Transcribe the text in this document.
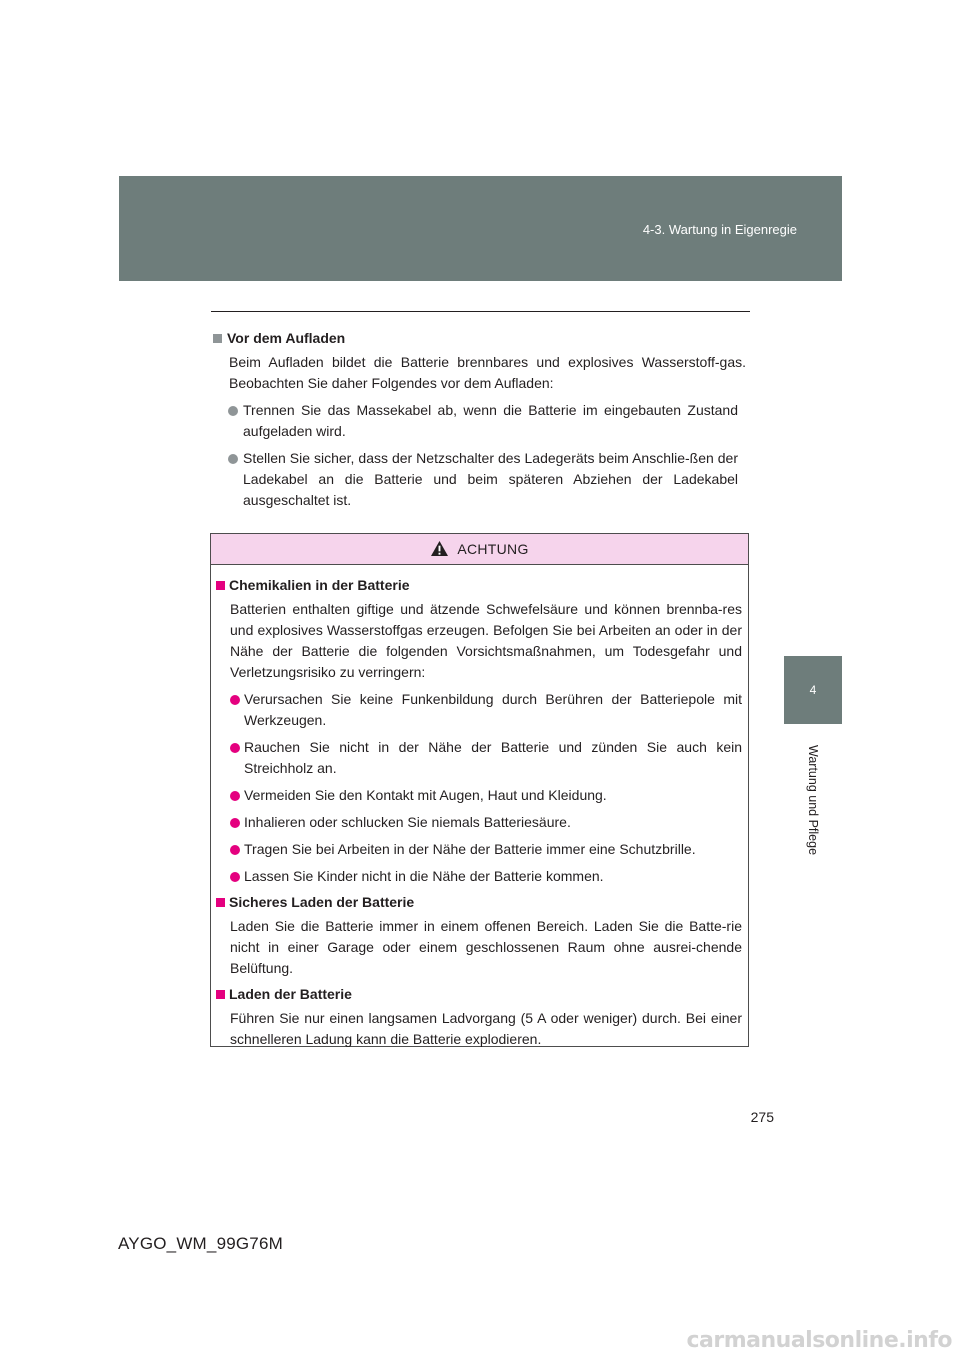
4-3. Wartung in Eigenregie
4
Wartung und Pflege
Vor dem Aufladen
Beim Aufladen bildet die Batterie brennbares und explosives Wasserstoff-gas. Beobachten Sie daher Folgendes vor dem Aufladen:
Trennen Sie das Massekabel ab, wenn die Batterie im eingebauten Zustand aufgeladen wird.
Stellen Sie sicher, dass der Netzschalter des Ladegeräts beim Anschlie-ßen der Ladekabel an die Batterie und beim späteren Abziehen der Ladekabel ausgeschaltet ist.
ACHTUNG
Chemikalien in der Batterie
Batterien enthalten giftige und ätzende Schwefelsäure und können brennba-res und explosives Wasserstoffgas erzeugen. Befolgen Sie bei Arbeiten an oder in der Nähe der Batterie die folgenden Vorsichtsmaßnahmen, um Todesgefahr und Verletzungsrisiko zu verringern:
Verursachen Sie keine Funkenbildung durch Berühren der Batteriepole mit Werkzeugen.
Rauchen Sie nicht in der Nähe der Batterie und zünden Sie auch kein Streichholz an.
Vermeiden Sie den Kontakt mit Augen, Haut und Kleidung.
Inhalieren oder schlucken Sie niemals Batteriesäure.
Tragen Sie bei Arbeiten in der Nähe der Batterie immer eine Schutzbrille.
Lassen Sie Kinder nicht in die Nähe der Batterie kommen.
Sicheres Laden der Batterie
Laden Sie die Batterie immer in einem offenen Bereich. Laden Sie die Batte-rie nicht in einer Garage oder einem geschlossenen Raum ohne ausrei-chende Belüftung.
Laden der Batterie
Führen Sie nur einen langsamen Ladvorgang (5 A oder weniger) durch. Bei einer schnelleren Ladung kann die Batterie explodieren.
275
AYGO_WM_99G76M
carmanualsonline.info
